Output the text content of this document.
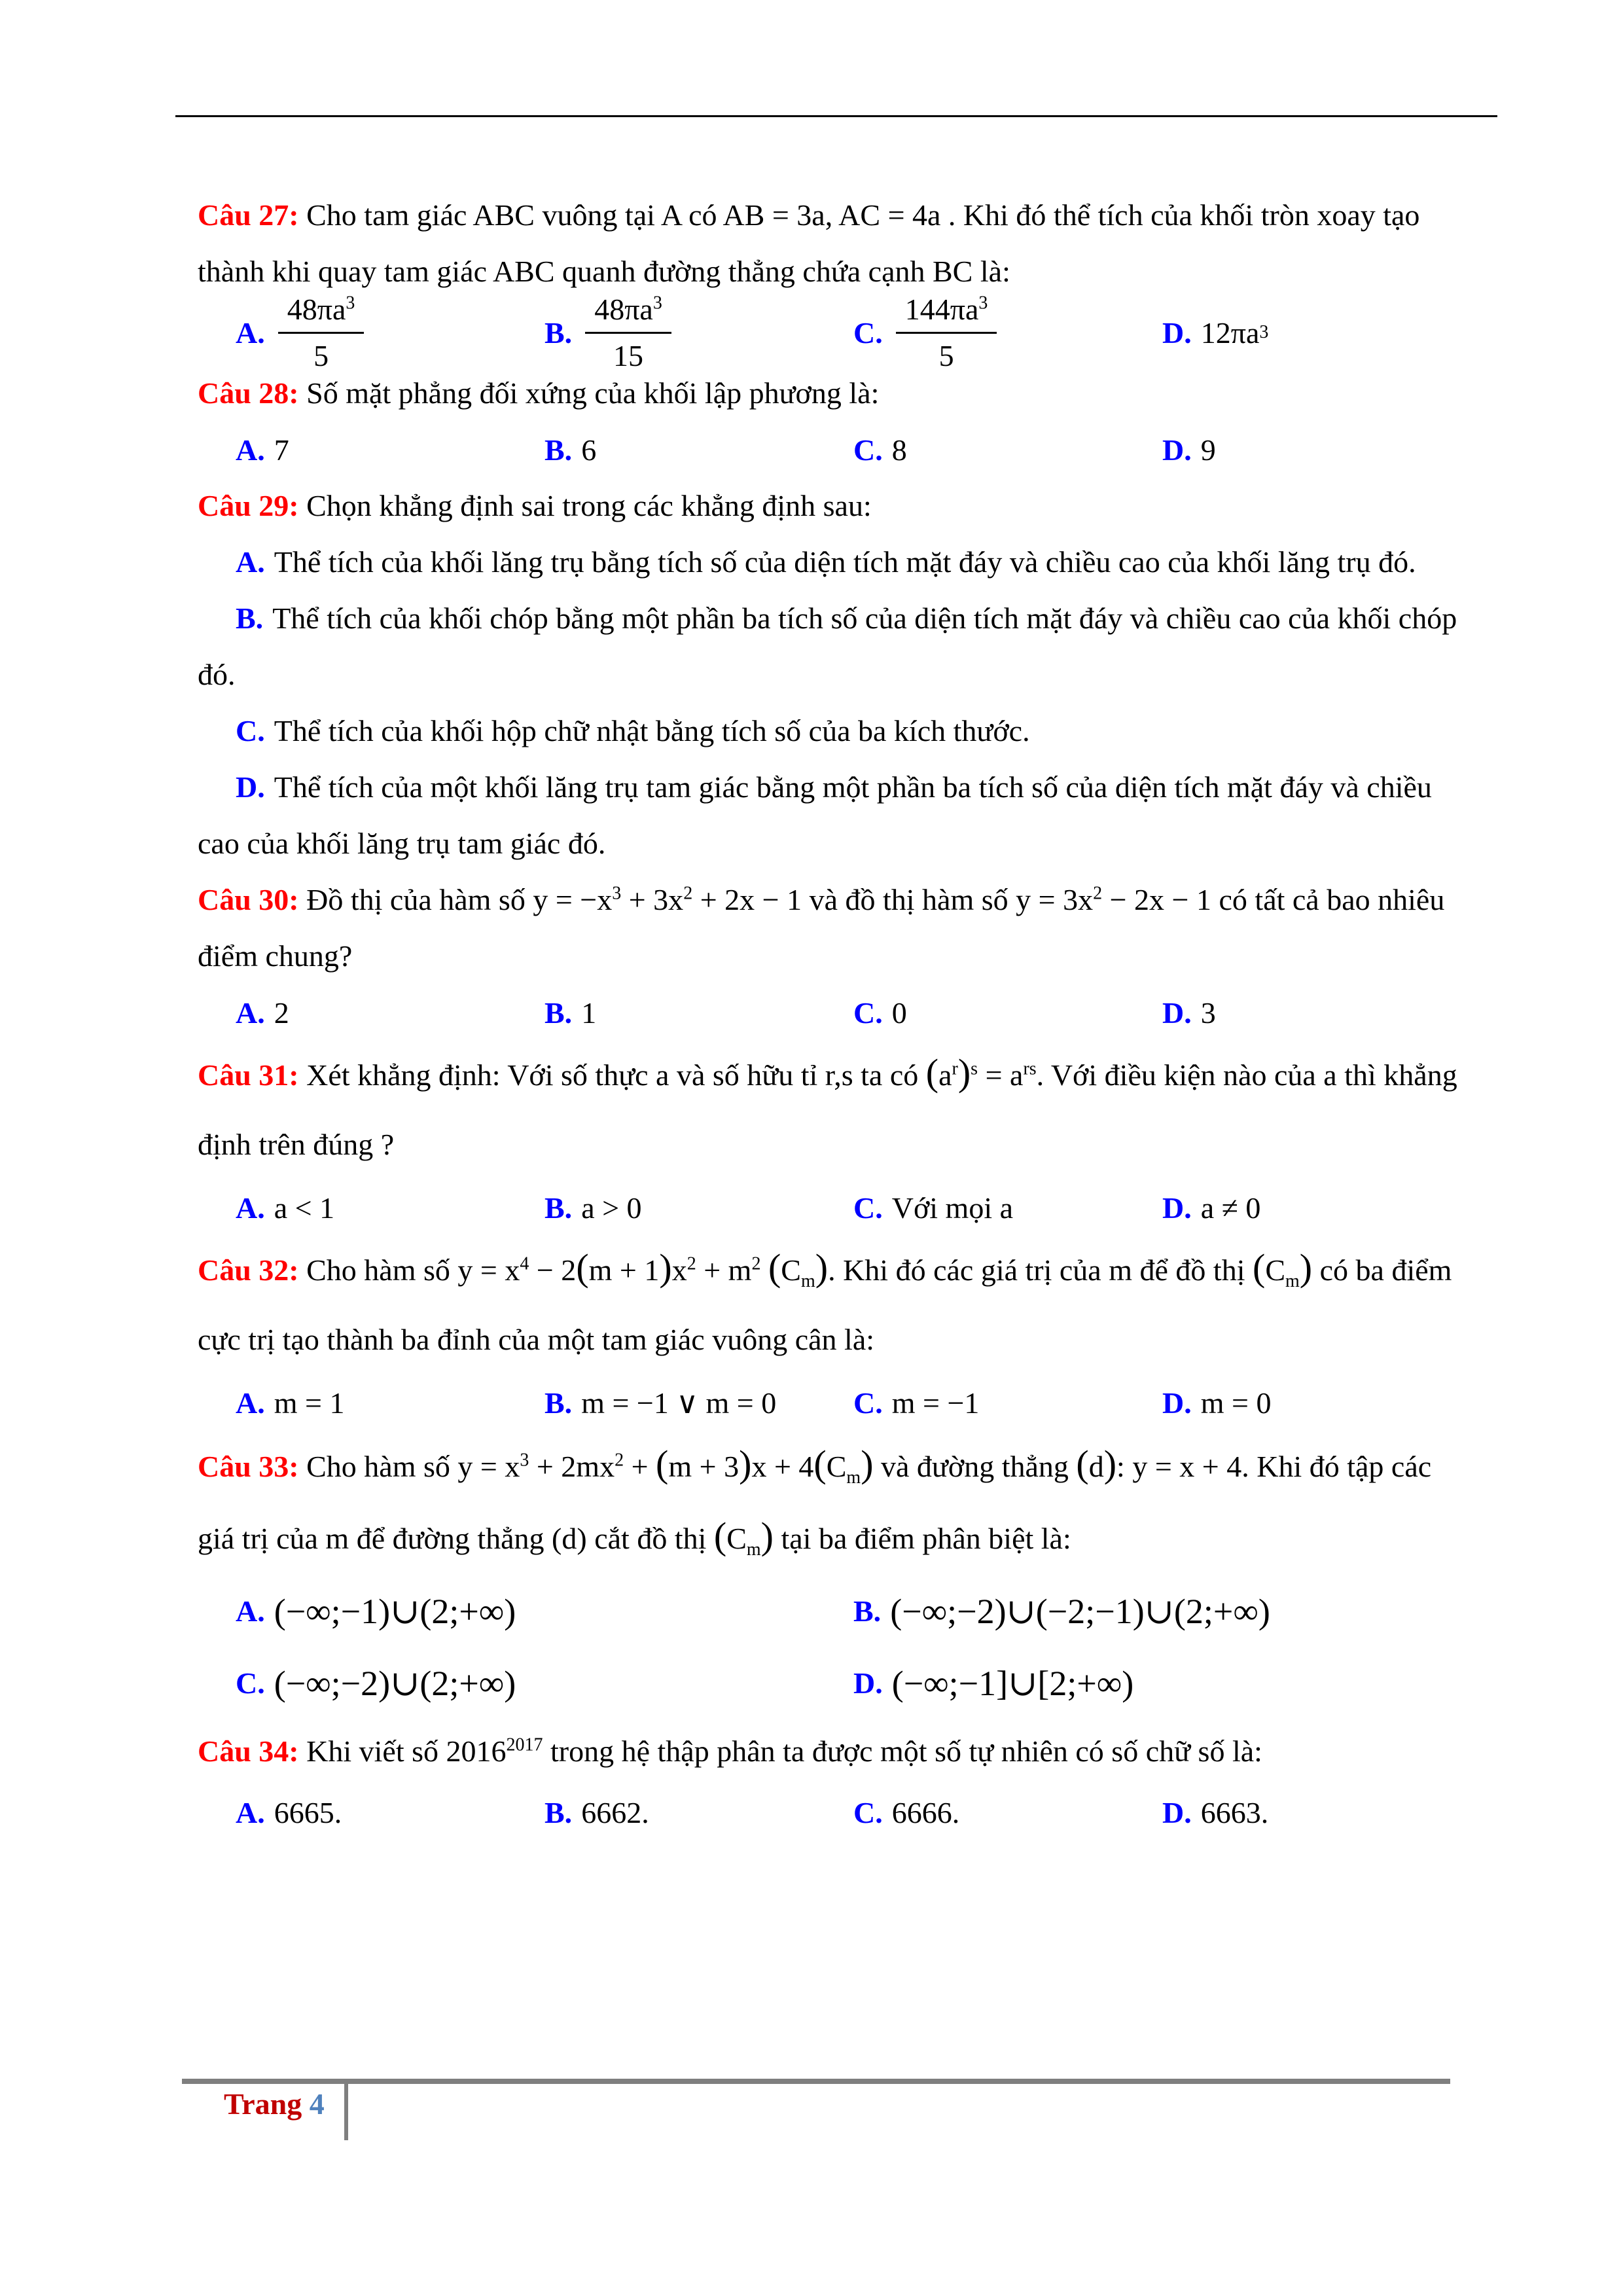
Câu 27: Cho tam giác ABC vuông tại A có AB = 3a, AC = 4a . Khi đó thể tích của khối tròn xoay tạo thành khi quay tam giác ABC quanh đường thẳng chứa cạnh BC là:

A. $\frac{48\pi a^3}{5}$	B. $\frac{48\pi a^3}{15}$	C. $\frac{144\pi a^3}{5}$	D. 12πa 3

Câu 28: Số mặt phẳng đối xứng của khối lập phương là:

A. 7	B. 6	C. 8	D. 9

Câu 29: Chọn khẳng định sai trong các khẳng định sau:

A. Thể tích của khối lăng trụ bằng tích số của diện tích mặt đáy và chiều cao của khối lăng trụ đó.

B. Thể tích của khối chóp bằng một phần ba tích số của diện tích mặt đáy và chiều cao của khối chóp đó.

C. Thể tích của khối hộp chữ nhật bằng tích số của ba kích thước.

D. Thể tích của một khối lăng trụ tam giác bằng một phần ba tích số của diện tích mặt đáy và chiều cao của khối lăng trụ tam giác đó.

Câu 30: Đồ thị của hàm số $y = -x^3 + 3x^2 + 2x - 1$ và đồ thị hàm số $y = 3x^2 - 2x - 1$ có tất cả bao nhiêu điểm chung?

A. 2	B. 1	C. 0	D. 3

Câu 31: Xét khẳng định: Với số thực a và số hữu tỉ r,s ta có $(a^r)^s = a^{rs}$. Với điều kiện nào của a thì khẳng định trên đúng ?

A. a < 1	B. a > 0	C. Với mọi a	D. a ≠ 0

Câu 32: Cho hàm số $y = x^4 - 2(m + 1)x^2 + m^2$ $(C_m)$. Khi đó các giá trị của m để đồ thị $(C_m)$ có ba điểm cực trị tạo thành ba đỉnh của một tam giác vuông cân là:

A. m = 1	B. m = −1 ∨ m = 0	C. m = −1	D. m = 0

Câu 33: Cho hàm số $y = x^3 + 2mx^2 + (m + 3)x + 4(C_m)$ và đường thẳng (d): y = x + 4. Khi đó tập các giá trị của m để đường thẳng (d) cắt đồ thị $(C_m)$ tại ba điểm phân biệt là:

A. (−∞;−1)∪(2;+∞)	B. (−∞;−2)∪(−2;−1)∪(2;+∞)
C. (−∞;−2)∪(2;+∞)	D. (−∞;−1]∪[2;+∞)

Câu 34: Khi viết số $2016^{2017}$ trong hệ thập phân ta được một số tự nhiên có số chữ số là:

A. 6665.	B. 6662.	C. 6666.	D. 6663.
Trang 4
